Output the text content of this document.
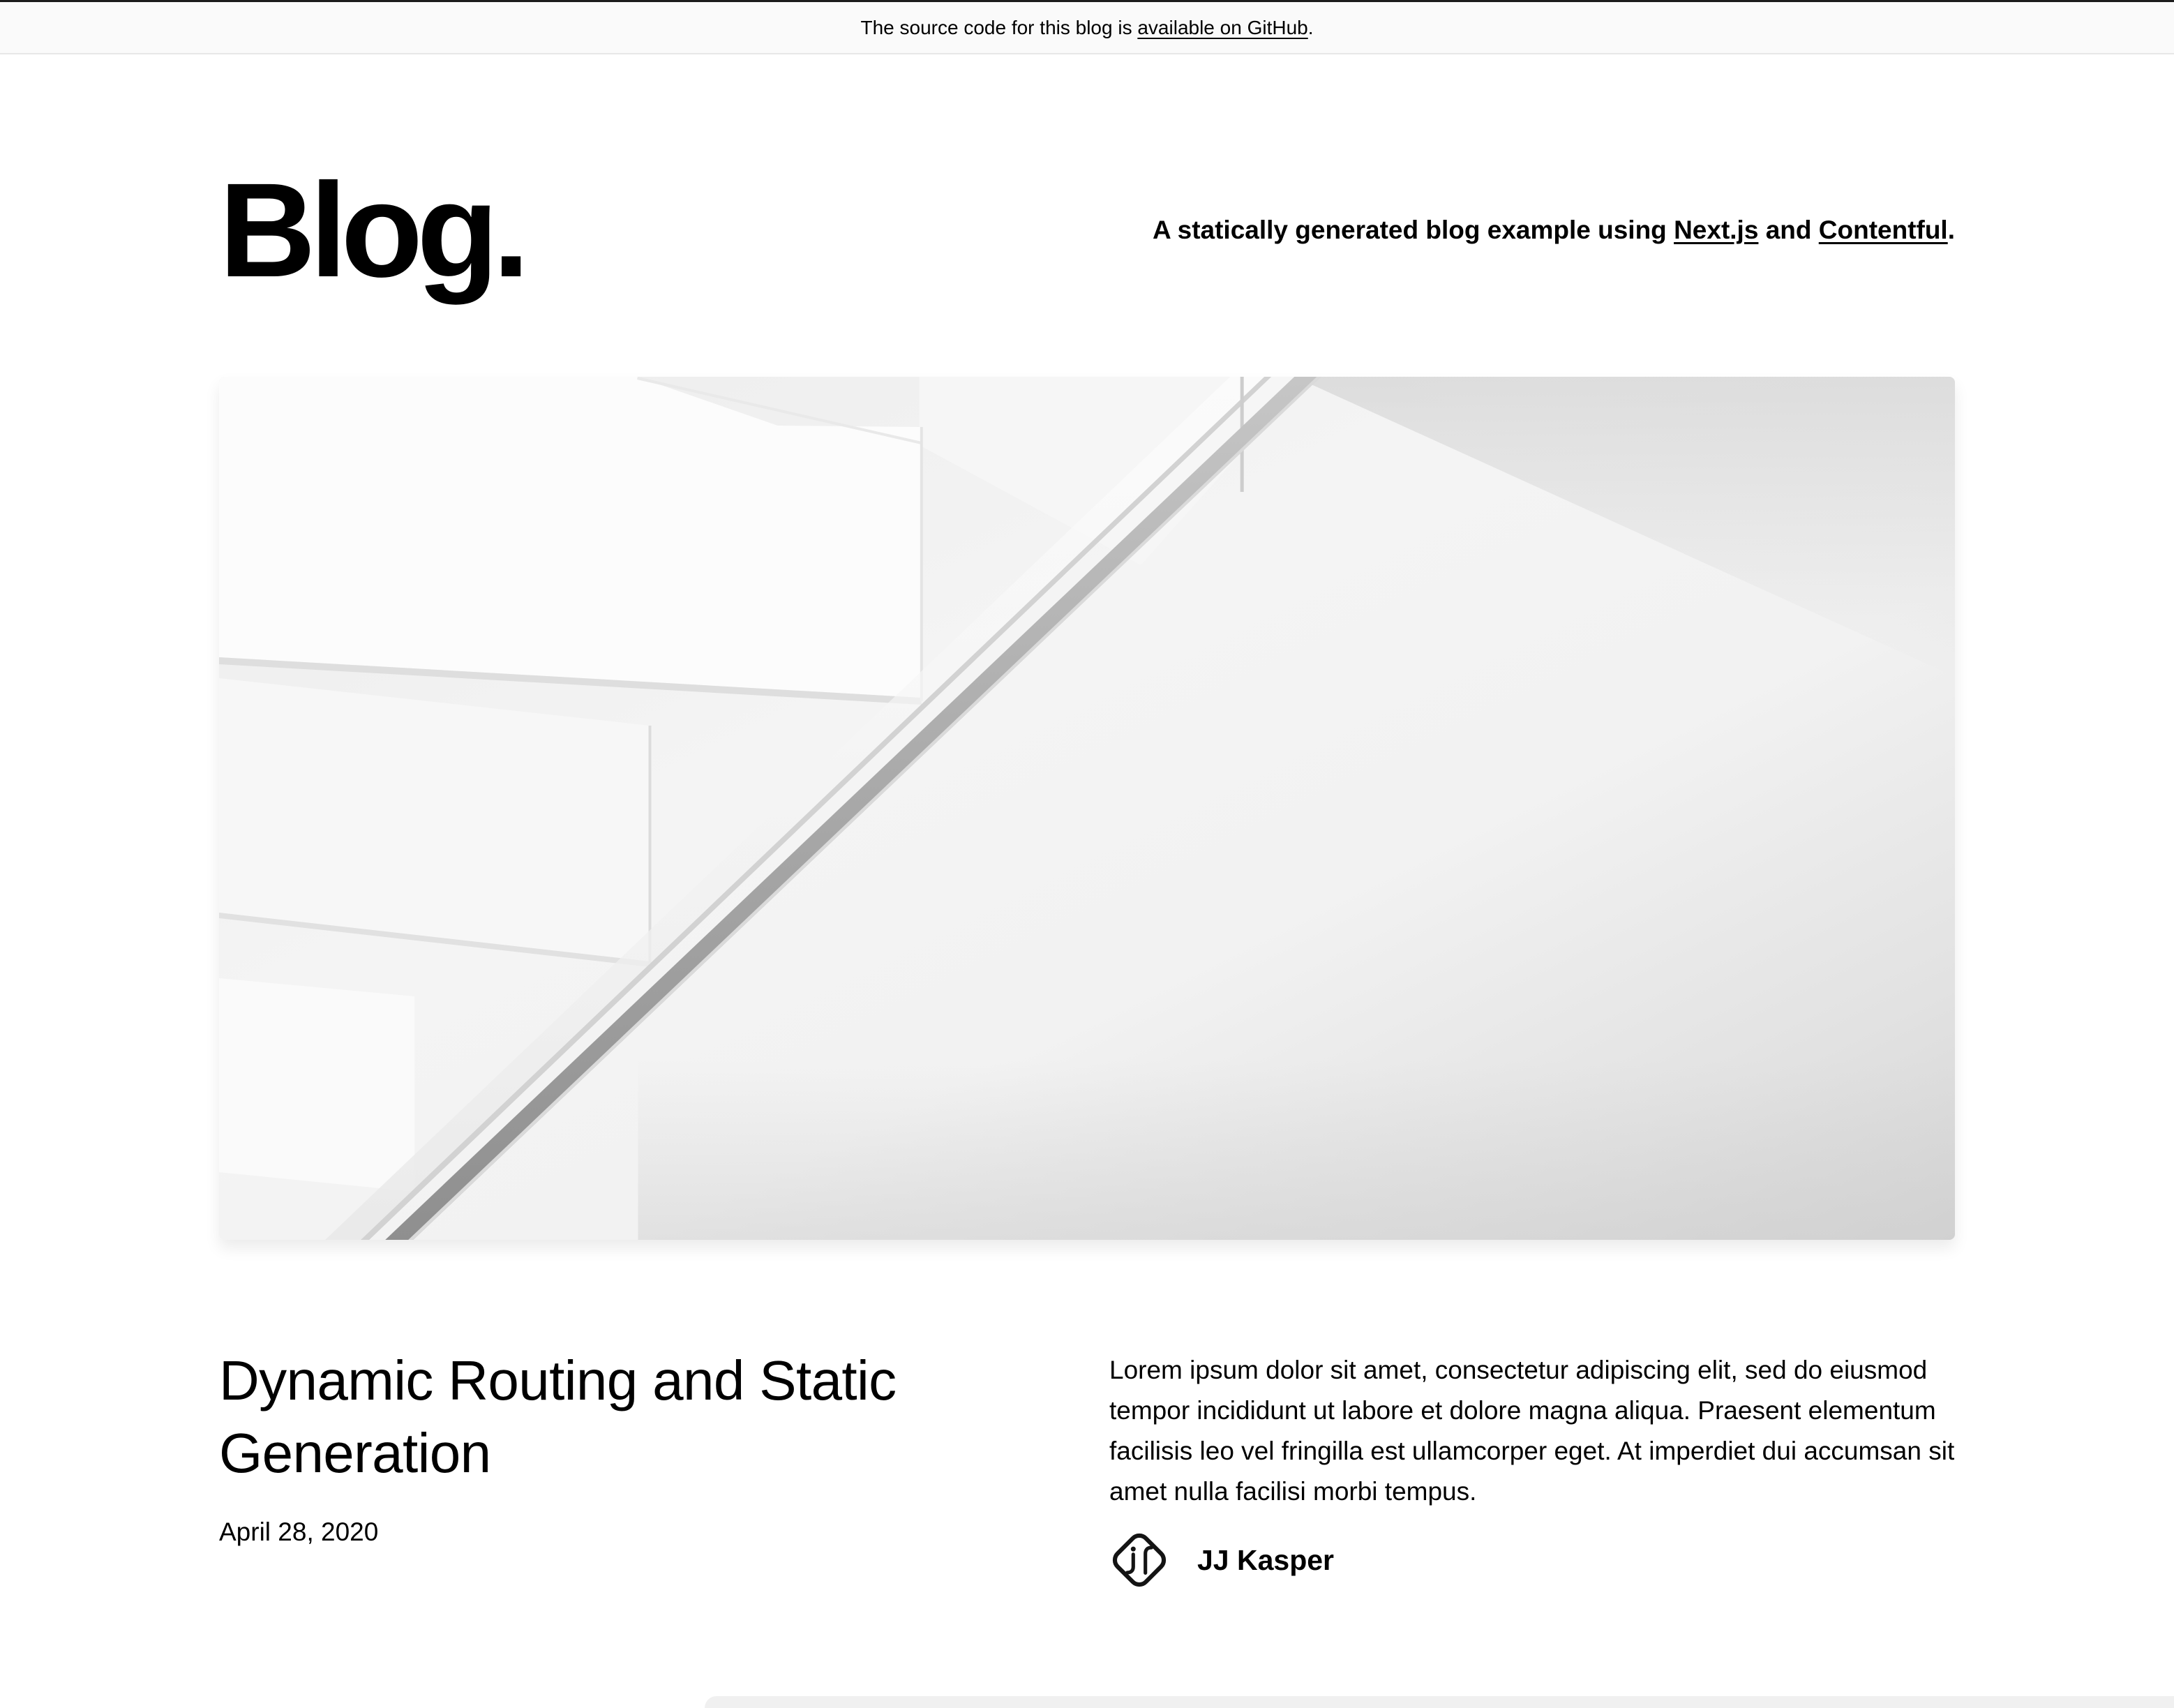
The source code for this blog is available on GitHub.
Blog.	A statically generated blog example using Next.js and Contentful.
Dynamic Routing and Static Generation
April 28, 2020

Lorem ipsum dolor sit amet, consectetur adipiscing elit, sed do eiusmod
tempor incididunt ut labore et dolore magna aliqua. Praesent elementum
facilisis leo vel fringilla est ullamcorper eget. At imperdiet dui accumsan sit
amet nulla facilisi morbi tempus.

JJ Kasper
